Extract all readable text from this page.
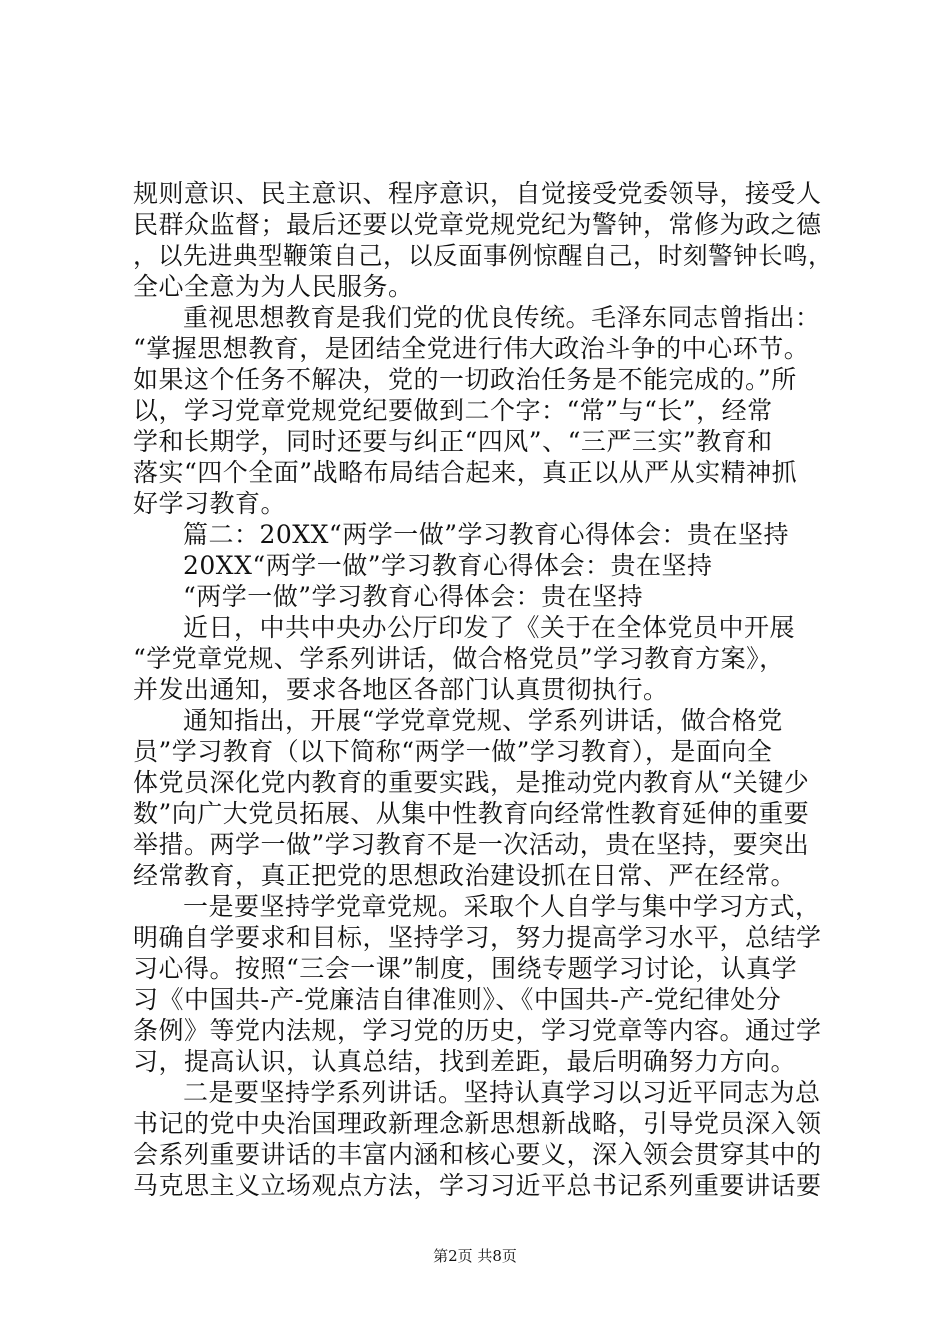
规则意识、民主意识、程序意识，自觉接受党委领导，接受人
民群众监督；最后还要以党章党规党纪为警钟，常修为政之德
，以先进典型鞭策自己，以反面事例惊醒自己，时刻警钟长鸣，
全心全意为为人民服务。
重视思想教育是我们党的优良传统。毛泽东同志曾指出：
“掌握思想教育，是团结全党进行伟大政治斗争的中心环节。
如果这个任务不解决，党的一切政治任务是不能完成的。”所
以，学习党章党规党纪要做到二个字：“常”与“长”，经常
学和长期学，同时还要与纠正“四风”、“三严三实”教育和
落实“四个全面”战略布局结合起来，真正以从严从实精神抓
好学习教育。
篇二：20XX“两学一做”学习教育心得体会：贵在坚持
20XX“两学一做”学习教育心得体会：贵在坚持
“两学一做”学习教育心得体会：贵在坚持
近日，中共中央办公厅印发了《关于在全体党员中开展
“学党章党规、学系列讲话，做合格党员”学习教育方案》，
并发出通知，要求各地区各部门认真贯彻执行。
通知指出，开展“学党章党规、学系列讲话，做合格党
员”学习教育（以下简称“两学一做”学习教育），是面向全
体党员深化党内教育的重要实践，是推动党内教育从“关键少
数”向广大党员拓展、从集中性教育向经常性教育延伸的重要
举措。两学一做”学习教育不是一次活动，贵在坚持，要突出
经常教育，真正把党的思想政治建设抓在日常、严在经常。
一是要坚持学党章党规。采取个人自学与集中学习方式，
明确自学要求和目标，坚持学习，努力提高学习水平，总结学
习心得。按照“三会一课”制度，围绕专题学习讨论，认真学
习《中国共-产-党廉洁自律准则》、《中国共-产-党纪律处分
条例》等党内法规，学习党的历史，学习党章等内容。通过学
习，提高认识，认真总结，找到差距，最后明确努力方向。
二是要坚持学系列讲话。坚持认真学习以习近平同志为总
书记的党中央治国理政新理念新思想新战略，引导党员深入领
会系列重要讲话的丰富内涵和核心要义，深入领会贯穿其中的
马克思主义立场观点方法，学习习近平总书记系列重要讲话要
第2页 共8页
